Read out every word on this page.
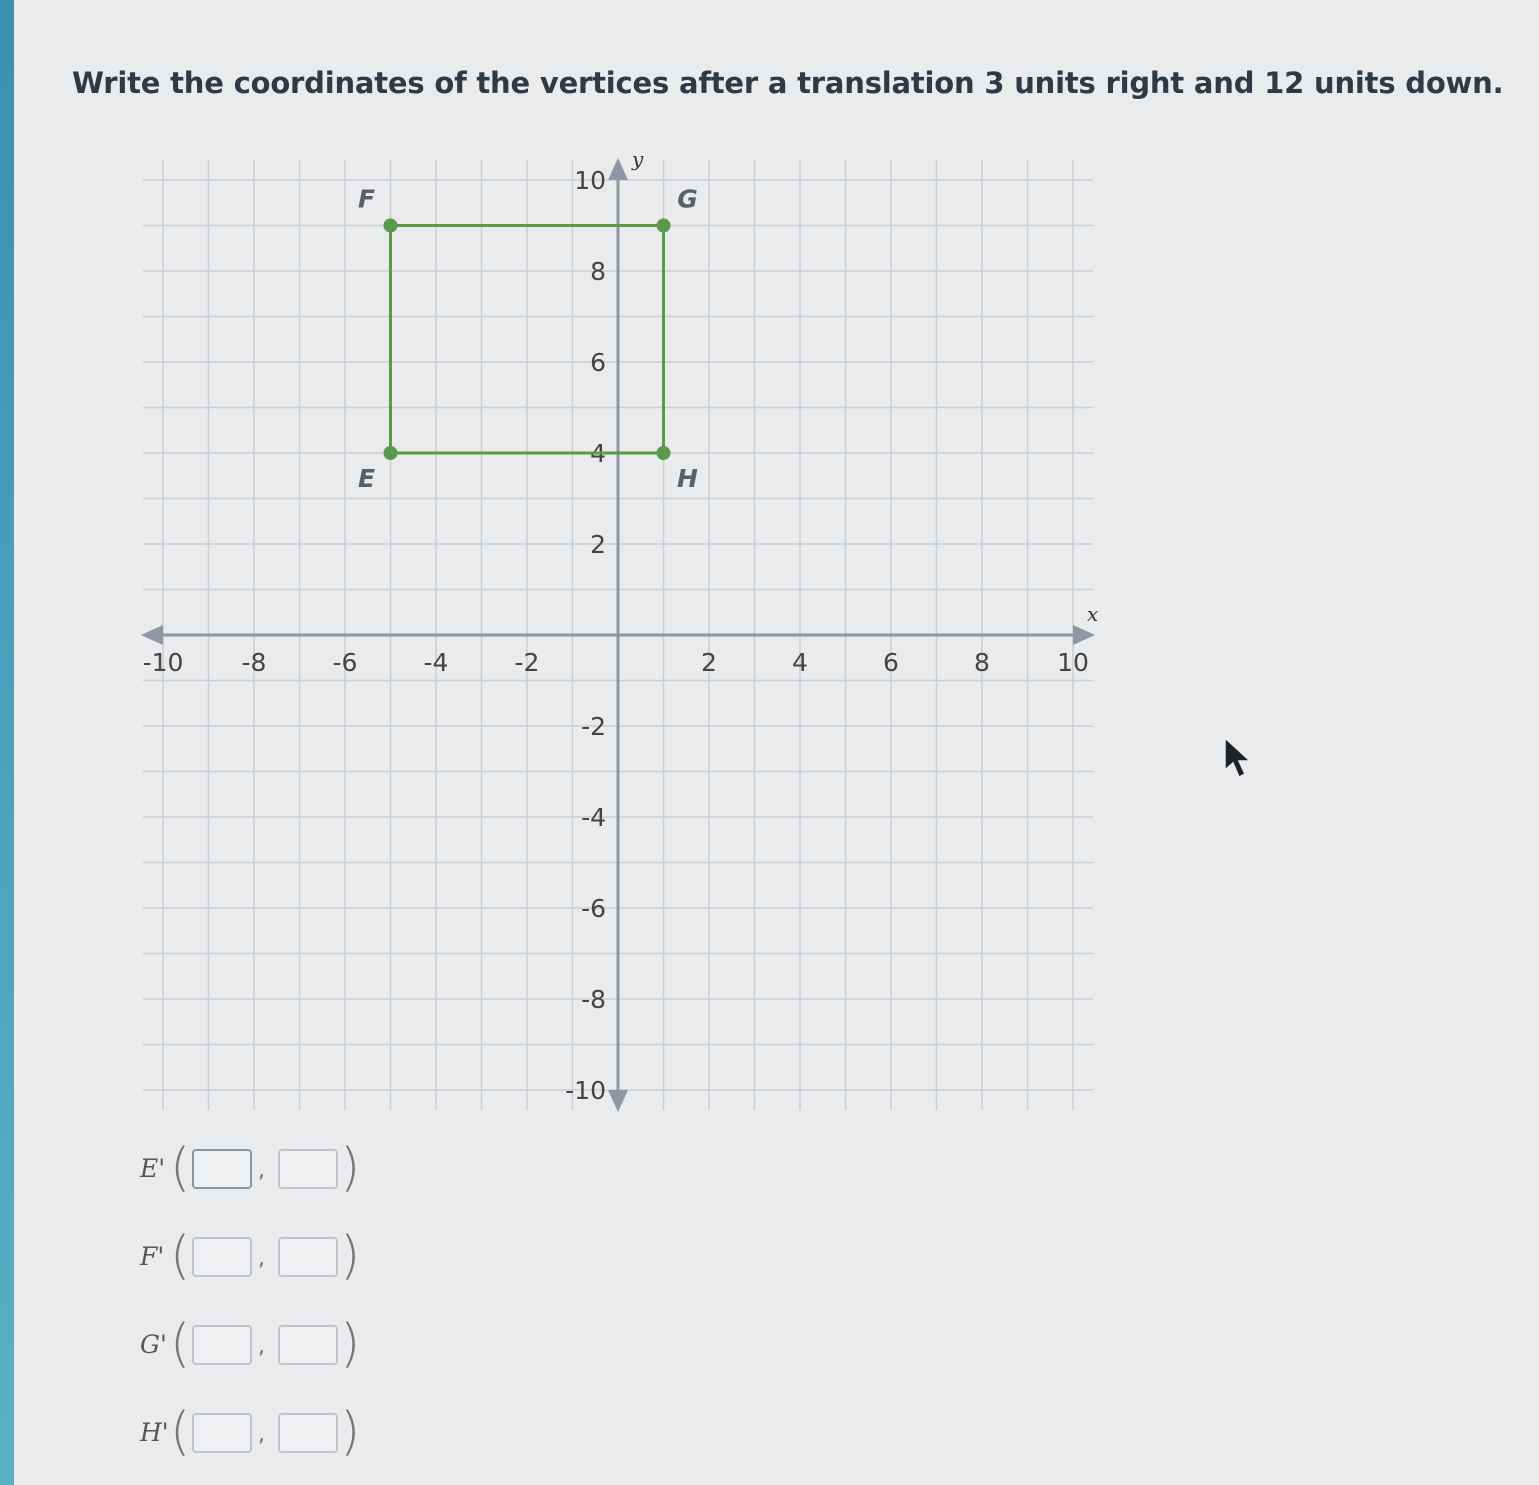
Write the coordinates of the vertices after a translation 3 units right and 12 units down.
x
y
-10 -8	-6	-4	-2	2	4	6	8	10
10
8
6
4
2
-2
-4
-6
-8
-10
E
F	G
H
E' (	, )
F' (	, )
G' (	, )
H' (	, )
